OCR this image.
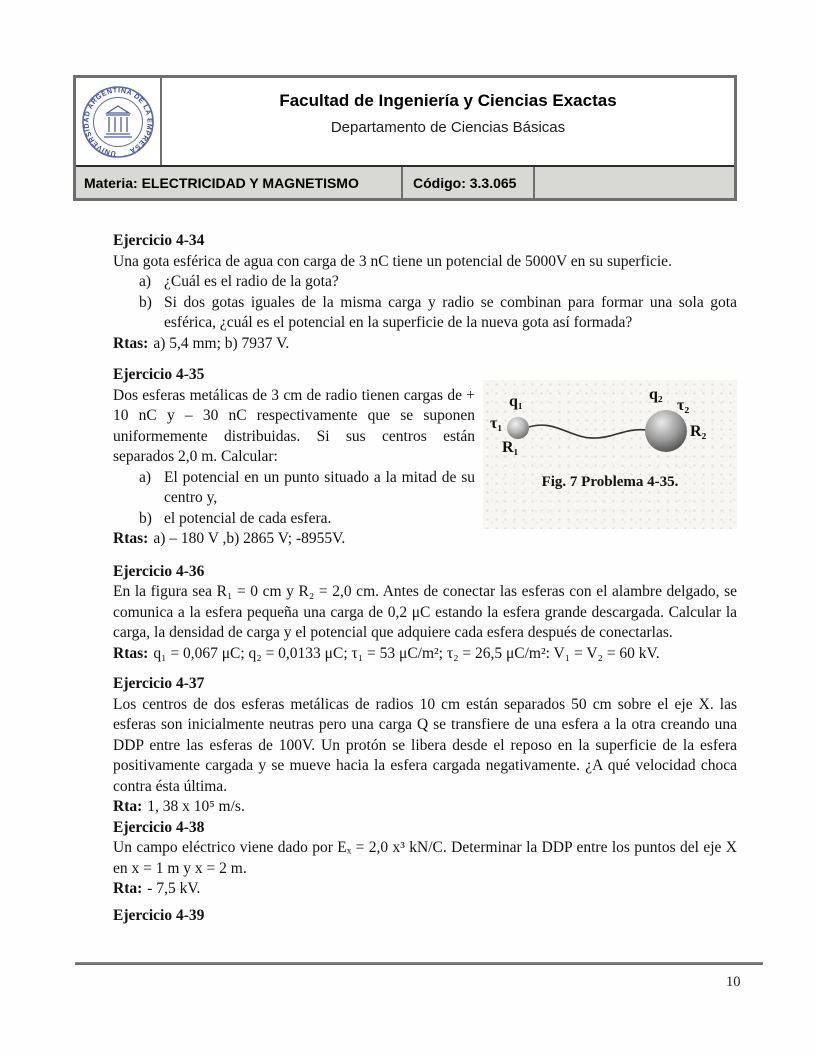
UNIVERSIDAD ARGENTINA DE LA EMPRESA
Facultad de Ingeniería y Ciencias Exactas
Departamento de Ciencias Básicas
Materia: ELECTRICIDAD Y MAGNETISMO	Código: 3.3.065

Ejercicio 4-34

Una gota esférica de agua con carga de 3 nC tiene un potencial de 5000V en su superficie.

a) ¿Cuál es el radio de la gota?
b) Si dos gotas iguales de la misma carga y radio se combinan para formar una sola gota esférica, ¿cuál es el potencial en la superficie de la nueva gota así formada?

Rtas: a) 5,4 mm; b) 7937 V.

Ejercicio 4-35

Dos esferas metálicas de 3 cm de radio tienen cargas de + 10 nC y – 30 nC respectivamente que se suponen uniformemente distribuidas. Si sus centros están separados 2,0 m. Calcular:

a) El potencial en un punto situado a la mitad de su centro y,
b) el potencial de cada esfera.
q₁
τ₁
R₁
q₂
τ₂
R₂
Fig. 7 Problema 4-35.

Rtas: a) – 180 V ,b) 2865 V; -8955V.

Ejercicio 4-36

En la figura sea R₁ = 0 cm y R₂ = 2,0 cm. Antes de conectar las esferas con el alambre delgado, se comunica a la esfera pequeña una carga de 0,2 μC estando la esfera grande descargada. Calcular la carga, la densidad de carga y el potencial que adquiere cada esfera después de conectarlas.

Rtas: q₁ = 0,067 μC; q₂ = 0,0133 μC; τ₁ = 53 μC/m²; τ₂ = 26,5 μC/m²: V₁ = V₂ = 60 kV.

Ejercicio 4-37

Los centros de dos esferas metálicas de radios 10 cm están separados 50 cm sobre el eje X. las esferas son inicialmente neutras pero una carga Q se transfiere de una esfera a la otra creando una DDP entre las esferas de 100V. Un protón se libera desde el reposo en la superficie de la esfera positivamente cargada y se mueve hacia la esfera cargada negativamente. ¿A qué velocidad choca contra ésta última.

Rta: 1, 38 x 10⁵ m/s.

Ejercicio 4-38

Un campo eléctrico viene dado por Eₓ = 2,0 x³ kN/C. Determinar la DDP entre los puntos del eje X en x = 1 m y x = 2 m.

Rta: - 7,5 kV.

Ejercicio 4-39

10
